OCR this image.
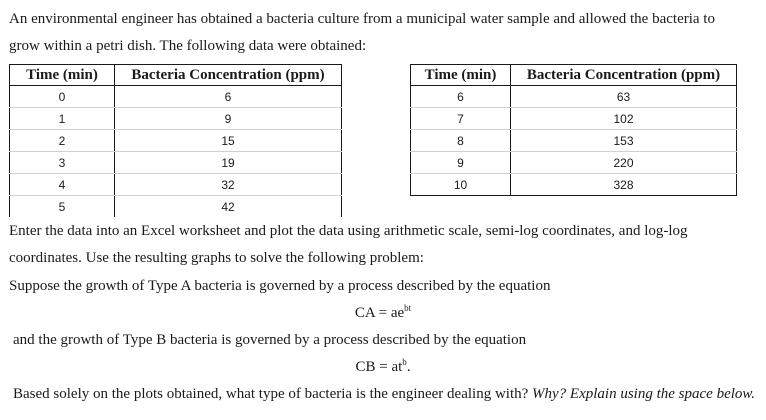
An environmental engineer has obtained a bacteria culture from a municipal water sample and allowed the bacteria to
grow within a petri dish. The following data were obtained:
Time (min)	Bacteria Concentration (ppm)
0	6
1	9
2	15
3	19
4	32
5	42
Time (min)	Bacteria Concentration (ppm)
6	63
7	102
8	153
9	220
10	328
Enter the data into an Excel worksheet and plot the data using arithmetic scale, semi-log coordinates, and log-log
coordinates. Use the resulting graphs to solve the following problem:
Suppose the growth of Type A bacteria is governed by a process described by the equation
CA = $ae^{bt}$
and the growth of Type B bacteria is governed by a process described by the equation
CB = $at^b$.
Based solely on the plots obtained, what type of bacteria is the engineer dealing with? Why? Explain using the space below.
